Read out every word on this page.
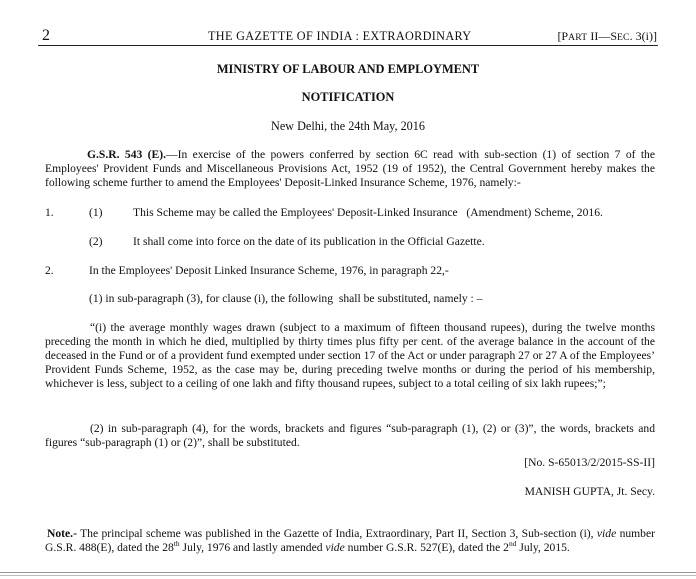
2	THE GAZETTE OF INDIA : EXTRAORDINARY	[PART II—SEC. 3(i)]
MINISTRY OF LABOUR AND EMPLOYMENT
NOTIFICATION
New Delhi, the 24th May, 2016
G.S.R. 543 (E).—In exercise of the powers conferred by section 6C read with sub-section (1) of section 7 of the Employees' Provident Funds and Miscellaneous Provisions Act, 1952 (19 of 1952), the Central Government hereby makes the following scheme further to amend the Employees' Deposit-Linked Insurance Scheme, 1976, namely:-
1.	(1)	This Scheme may be called the Employees' Deposit-Linked Insurance   (Amendment) Scheme, 2016.
(2)	It shall come into force on the date of its publication in the Official Gazette.
2.	In the Employees' Deposit Linked Insurance Scheme, 1976, in paragraph 22,-
(1) in sub-paragraph (3), for clause (i), the following  shall be substituted, namely : –
“(i) the average monthly wages drawn (subject to a maximum of fifteen thousand rupees), during the twelve months preceding the month in which he died, multiplied by thirty times plus fifty per cent. of the average balance in the account of the deceased in the Fund or of a provident fund exempted under section 17 of the Act or under paragraph 27 or 27 A of the Employees’ Provident Funds Scheme, 1952, as the case may be, during preceding twelve months or during the period of his membership, whichever is less, subject to a ceiling of one lakh and fifty thousand rupees, subject to a total ceiling of six lakh rupees;”;
(2) in sub-paragraph (4), for the words, brackets and figures “sub-paragraph (1), (2) or (3)”, the words, brackets and figures “sub-paragraph (1) or (2)”, shall be substituted.
[No. S-65013/2/2015-SS-II]
MANISH GUPTA, Jt. Secy.
Note.- The principal scheme was published in the Gazette of India, Extraordinary, Part II, Section 3, Sub-section (i), vide number G.S.R. 488(E), dated the 28th July, 1976 and lastly amended vide number G.S.R. 527(E), dated the 2nd July, 2015.
